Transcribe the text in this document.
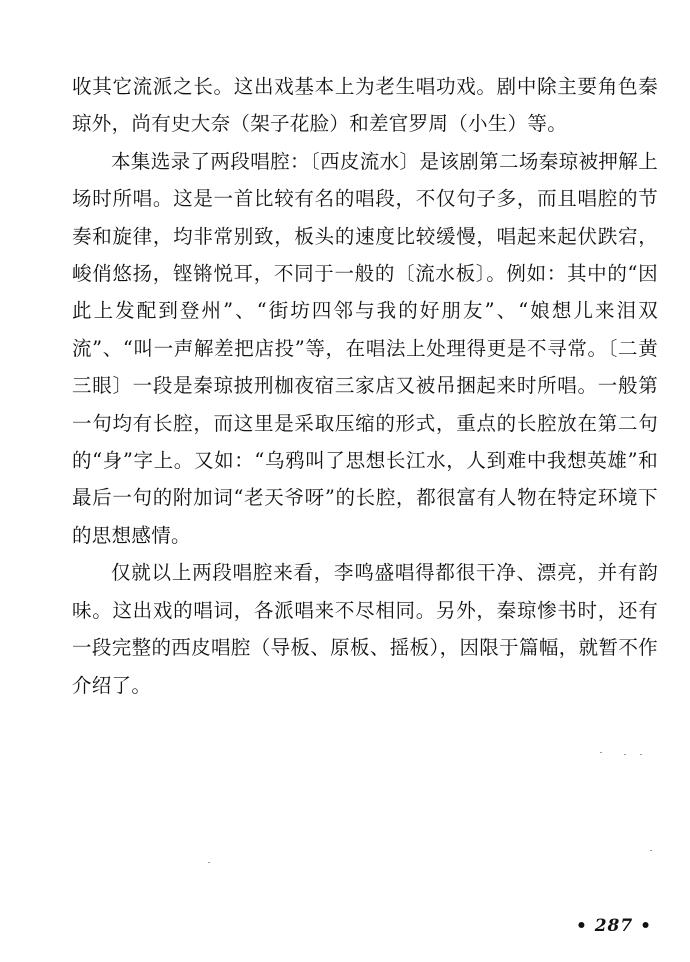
收其它流派之长。这出戏基本上为老生唱功戏。剧中除主要角色秦琼外，尚有史大奈（架子花脸）和差官罗周（小生）等。

本集选录了两段唱腔：〔西皮流水〕是该剧第二场秦琼被押解上场时所唱。这是一首比较有名的唱段，不仅句子多，而且唱腔的节奏和旋律，均非常别致，板头的速度比较缓慢，唱起来起伏跌宕，峻俏悠扬，铿锵悦耳，不同于一般的〔流水板〕。例如：其中的“因此上发配到登州”、“街坊四邻与我的好朋友”、“娘想儿来泪双流”、“叫一声解差把店投”等，在唱法上处理得更是不寻常。〔二黄三眼〕一段是秦琼披刑枷夜宿三家店又被吊捆起来时所唱。一般第一句均有长腔，而这里是采取压缩的形式，重点的长腔放在第二句的“身”字上。又如：“乌鸦叫了思想长江水，人到难中我想英雄”和最后一句的附加词“老天爷呀”的长腔，都很富有人物在特定环境下的思想感情。

仅就以上两段唱腔来看，李鸣盛唱得都很干净、漂亮，并有韵味。这出戏的唱词，各派唱来不尽相同。另外，秦琼惨书时，还有一段完整的西皮唱腔（导板、原板、摇板），因限于篇幅，就暂不作介绍了。

• 287 •
